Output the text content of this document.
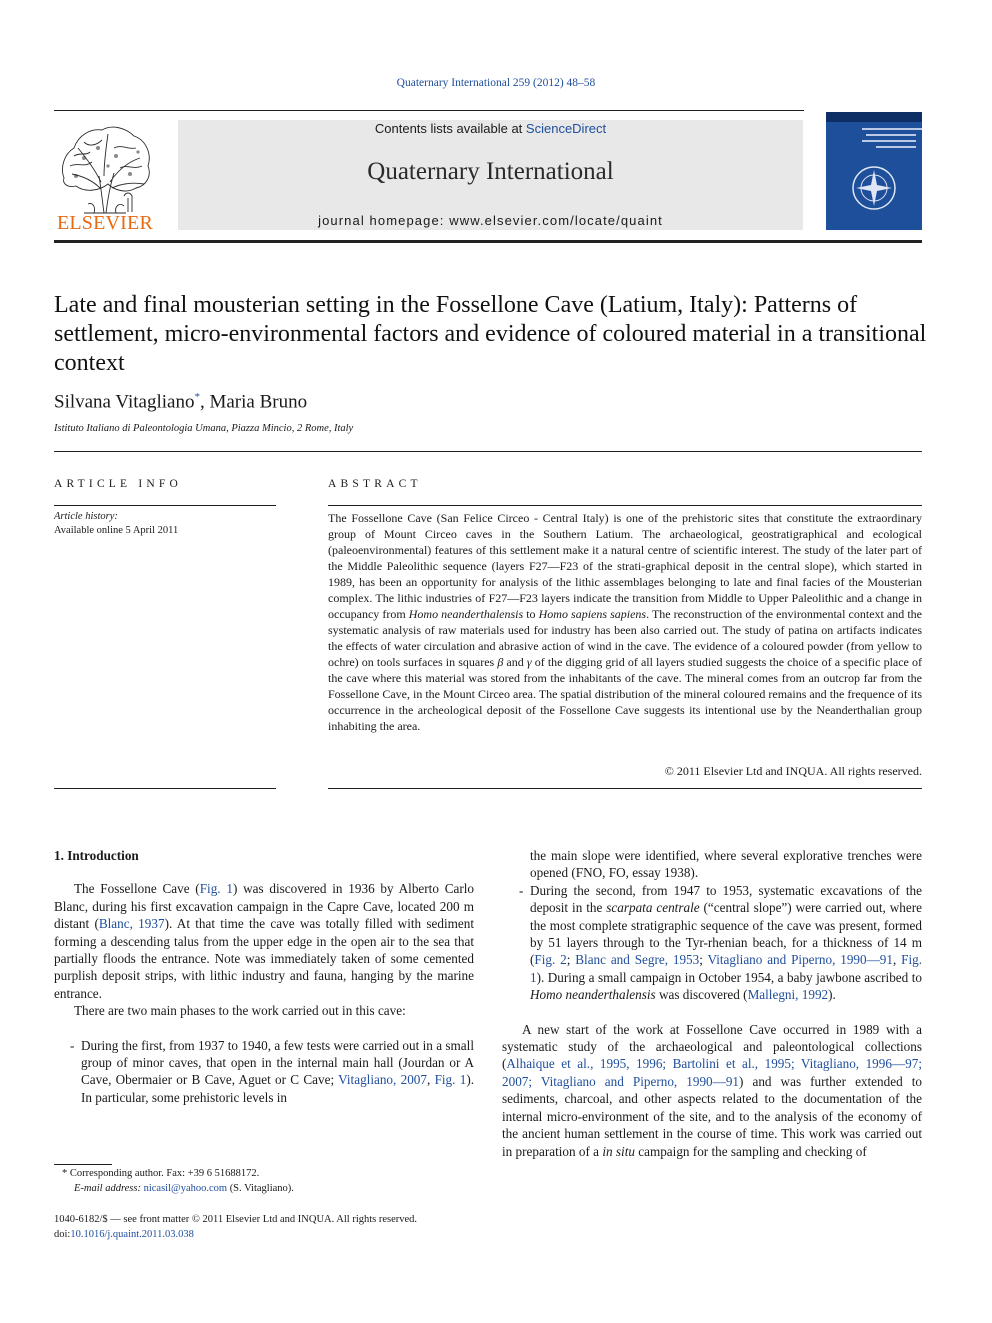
Quaternary International 259 (2012) 48–58
ELSEVIER
Contents lists available at ScienceDirect
Quaternary International
journal homepage: www.elsevier.com/locate/quaint
Late and final mousterian setting in the Fossellone Cave (Latium, Italy): Patterns of settlement, micro-environmental factors and evidence of coloured material in a transitional context
Silvana Vitagliano*, Maria Bruno
Istituto Italiano di Paleontologia Umana, Piazza Mincio, 2 Rome, Italy
ARTICLE INFO	ABSTRACT
Article history:
Available online 5 April 2011

The Fossellone Cave (San Felice Circeo - Central Italy) is one of the prehistoric sites that constitute the extraordinary group of Mount Circeo caves in the Southern Latium. The archaeological, geostratigraphical and ecological (paleoenvironmental) features of this settlement make it a natural centre of scientific interest. The study of the later part of the Middle Paleolithic sequence (layers F27—F23 of the strati-graphical deposit in the central slope), which started in 1989, has been an opportunity for analysis of the lithic assemblages belonging to late and final facies of the Mousterian complex. The lithic industries of F27—F23 layers indicate the transition from Middle to Upper Paleolithic and a change in occupancy from Homo neanderthalensis to Homo sapiens sapiens. The reconstruction of the environmental context and the systematic analysis of raw materials used for industry has been also carried out. The study of patina on artifacts indicates the effects of water circulation and abrasive action of wind in the cave. The evidence of a coloured powder (from yellow to ochre) on tools surfaces in squares β and γ of the digging grid of all layers studied suggests the choice of a specific place of the cave where this material was stored from the inhabitants of the cave. The mineral comes from an outcrop far from the Fossellone Cave, in the Mount Circeo area. The spatial distribution of the mineral coloured remains and the frequence of its occurrence in the archeological deposit of the Fossellone Cave suggests its intentional use by the Neanderthalian group inhabiting the area.

© 2011 Elsevier Ltd and INQUA. All rights reserved.

1. Introduction

The Fossellone Cave (Fig. 1) was discovered in 1936 by Alberto Carlo Blanc, during his first excavation campaign in the Capre Cave, located 200 m distant (Blanc, 1937). At that time the cave was totally filled with sediment forming a descending talus from the upper edge in the open air to the sea that partially floods the entrance. Note was immediately taken of some cemented purplish deposit strips, with lithic industry and fauna, hanging by the marine entrance.

There are two main phases to the work carried out in this cave:

- During the first, from 1937 to 1940, a few tests were carried out in a small group of minor caves, that open in the internal main hall (Jourdan or A Cave, Obermaier or B Cave, Aguet or C Cave; Vitagliano, 2007, Fig. 1). In particular, some prehistoric levels in

the main slope were identified, where several explorative trenches were opened (FNO, FO, essay 1938).

- During the second, from 1947 to 1953, systematic excavations of the deposit in the scarpata centrale (“central slope”) were carried out, where the most complete stratigraphic sequence of the cave was present, formed by 51 layers through to the Tyr-rhenian beach, for a thickness of 14 m (Fig. 2; Blanc and Segre, 1953; Vitagliano and Piperno, 1990—91, Fig. 1). During a small campaign in October 1954, a baby jawbone ascribed to Homo neanderthalensis was discovered (Mallegni, 1992).

A new start of the work at Fossellone Cave occurred in 1989 with a systematic study of the archaeological and paleontological collections (Alhaique et al., 1995, 1996; Bartolini et al., 1995; Vitagliano, 1996—97; 2007; Vitagliano and Piperno, 1990—91) and was further extended to sediments, charcoal, and other aspects related to the documentation of the internal micro-environment of the site, and to the analysis of the economy of the ancient human settlement in the course of time. This work was carried out in preparation of a in situ campaign for the sampling and checking of

* Corresponding author. Fax: +39 6 51688172.
E-mail address: nicasil@yahoo.com (S. Vitagliano).
1040-6182/$ — see front matter © 2011 Elsevier Ltd and INQUA. All rights reserved.
doi:10.1016/j.quaint.2011.03.038
